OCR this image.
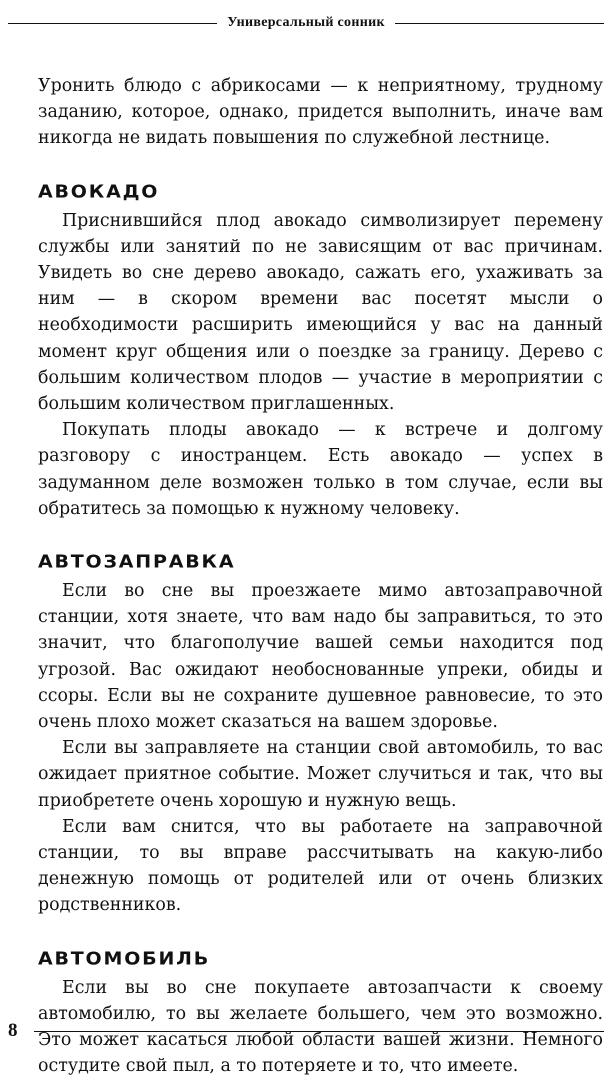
Универсальный сонник

Уронить блюдо с абрикосами — к неприятному, трудному заданию, которое, однако, придется выполнить, иначе вам никогда не видать повышения по служебной лестнице.

АВОКАДО

Приснившийся плод авокадо символизирует перемену службы или занятий по не зависящим от вас причинам. Увидеть во сне дерево авокадо, сажать его, ухаживать за ним — в скором времени вас посетят мысли о необходимости расширить имеющийся у вас на данный момент круг общения или о поездке за границу. Дерево с большим количеством плодов — участие в мероприятии с большим количеством приглашенных.

Покупать плоды авокадо — к встрече и долгому разговору с иностранцем. Есть авокадо — успех в задуманном деле возможен только в том случае, если вы обратитесь за помощью к нужному человеку.

АВТОЗАПРАВКА

Если во сне вы проезжаете мимо автозаправочной станции, хотя знаете, что вам надо бы заправиться, то это значит, что благополучие вашей семьи находится под угрозой. Вас ожидают необоснованные упреки, обиды и ссоры. Если вы не сохраните душевное равновесие, то это очень плохо может сказаться на вашем здоровье.

Если вы заправляете на станции свой автомобиль, то вас ожидает приятное событие. Может случиться и так, что вы приобретете очень хорошую и нужную вещь.

Если вам снится, что вы работаете на заправочной станции, то вы вправе рассчитывать на какую-либо денежную помощь от родителей или от очень близких родственников.

АВТОМОБИЛЬ

Если вы во сне покупаете автозапчасти к своему автомобилю, то вы желаете большего, чем это возможно. Это может касаться любой области вашей жизни. Немного остудите свой пыл, а то потеряете и то, что имеете.

8
